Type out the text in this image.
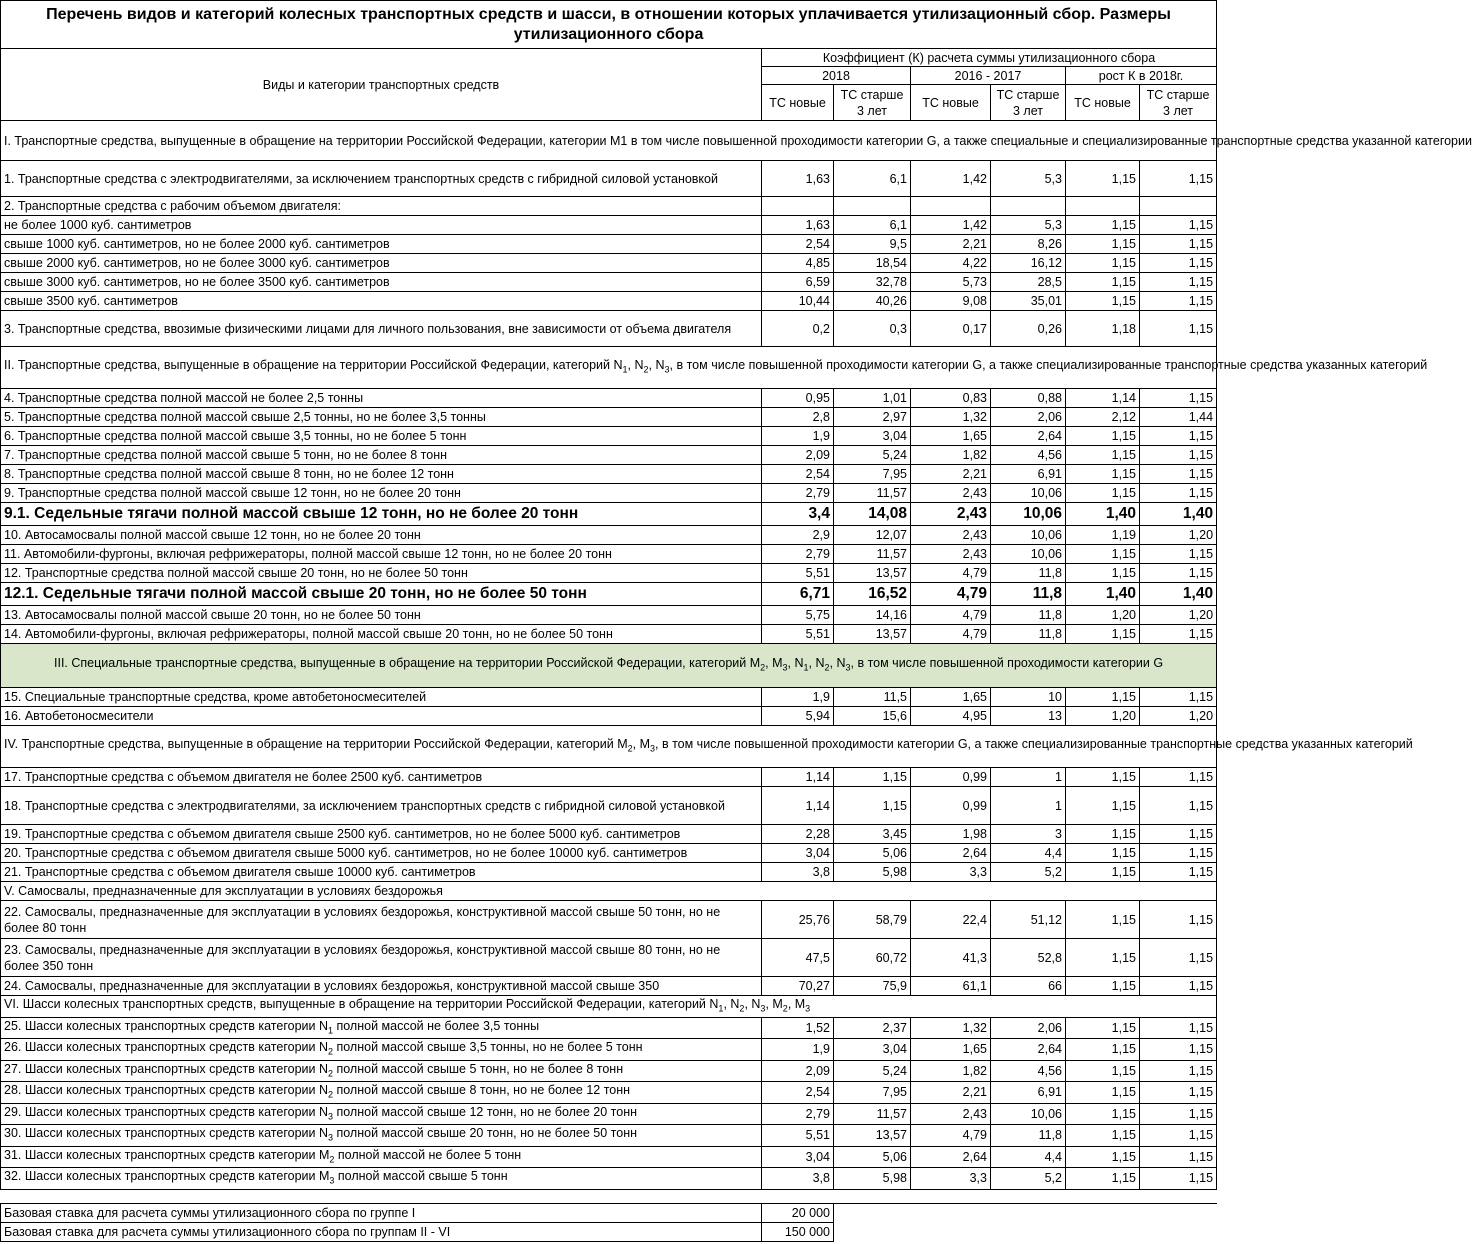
Перечень видов и категорий колесных транспортных средств и шасси, в отношении которых уплачивается утилизационный сбор. Размеры утилизационного сбора						
Виды и категории транспортных средств	Коэффициент (К) расчета суммы утилизационного сбора					
	2018		2016 - 2017		рост К в 2018г.	
	ТС новые	ТС старше 3 лет	ТС новые	ТС старше 3 лет	ТС новые	ТС старше 3 лет
I. Транспортные средства, выпущенные в обращение на территории Российской Федерации, категории М1 в том числе повышенной проходимости категории G, а также специальные и специализированные транспортные средства указанной категории						
1. Транспортные средства с электродвигателями, за исключением транспортных средств с гибридной силовой установкой	1,63	6,1	1,42	5,3	1,15	1,15
2. Транспортные средства с рабочим объемом двигателя:						
не более 1000 куб. сантиметров	1,63	6,1	1,42	5,3	1,15	1,15
свыше 1000 куб. сантиметров, но не более 2000 куб. сантиметров	2,54	9,5	2,21	8,26	1,15	1,15
свыше 2000 куб. сантиметров, но не более 3000 куб. сантиметров	4,85	18,54	4,22	16,12	1,15	1,15
свыше 3000 куб. сантиметров, но не более 3500 куб. сантиметров	6,59	32,78	5,73	28,5	1,15	1,15
свыше 3500 куб. сантиметров	10,44	40,26	9,08	35,01	1,15	1,15
3. Транспортные средства, ввозимые физическими лицами для личного пользования, вне зависимости от объема двигателя	0,2	0,3	0,17	0,26	1,18	1,15
II. Транспортные средства, выпущенные в обращение на территории Российской Федерации, категорий $N_1$, $N_2$, $N_3$, в том числе повышенной проходимости категории G, а также специализированные транспортные средства указанных категорий						
4. Транспортные средства полной массой не более 2,5 тонны	0,95	1,01	0,83	0,88	1,14	1,15
5. Транспортные средства полной массой свыше 2,5 тонны, но не более 3,5 тонны	2,8	2,97	1,32	2,06	2,12	1,44
6. Транспортные средства полной массой свыше 3,5 тонны, но не более 5 тонн	1,9	3,04	1,65	2,64	1,15	1,15
7. Транспортные средства полной массой свыше 5 тонн, но не более 8 тонн	2,09	5,24	1,82	4,56	1,15	1,15
8. Транспортные средства полной массой свыше 8 тонн, но не более 12 тонн	2,54	7,95	2,21	6,91	1,15	1,15
9. Транспортные средства полной массой свыше 12 тонн, но не более 20 тонн	2,79	11,57	2,43	10,06	1,15	1,15
9.1. Седельные тягачи полной массой свыше 12 тонн, но не более 20 тонн	3,4	14,08	2,43	10,06	1,40	1,40
10. Автосамосвалы полной массой свыше 12 тонн, но не более 20 тонн	2,9	12,07	2,43	10,06	1,19	1,20
11. Автомобили-фургоны, включая рефрижераторы, полной массой свыше 12 тонн, но не более 20 тонн	2,79	11,57	2,43	10,06	1,15	1,15
12. Транспортные средства полной массой свыше 20 тонн, но не более 50 тонн	5,51	13,57	4,79	11,8	1,15	1,15
12.1. Седельные тягачи полной массой свыше 20 тонн, но не более 50 тонн	6,71	16,52	4,79	11,8	1,40	1,40
13. Автосамосвалы полной массой свыше 20 тонн, но не более 50 тонн	5,75	14,16	4,79	11,8	1,20	1,20
14. Автомобили-фургоны, включая рефрижераторы, полной массой свыше 20 тонн, но не более 50 тонн	5,51	13,57	4,79	11,8	1,15	1,15
III. Специальные транспортные средства, выпущенные в обращение на территории Российской Федерации, категорий $M_2$, $M_3$, $N_1$, $N_2$, $N_3$, в том числе повышенной проходимости категории G						
15. Специальные транспортные средства, кроме автобетоносмесителей	1,9	11,5	1,65	10	1,15	1,15
16. Автобетоносмесители	5,94	15,6	4,95	13	1,20	1,20
IV. Транспортные средства, выпущенные в обращение на территории Российской Федерации, категорий $M_2$, $M_3$, в том числе повышенной проходимости категории G, а также специализированные транспортные средства указанных категорий						
17. Транспортные средства с объемом двигателя не более 2500 куб. сантиметров	1,14	1,15	0,99	1	1,15	1,15
18. Транспортные средства с электродвигателями, за исключением транспортных средств с гибридной силовой установкой	1,14	1,15	0,99	1	1,15	1,15
19. Транспортные средства с объемом двигателя свыше 2500 куб. сантиметров, но не более 5000 куб. сантиметров	2,28	3,45	1,98	3	1,15	1,15
20. Транспортные средства с объемом двигателя свыше 5000 куб. сантиметров, но не более 10000 куб. сантиметров	3,04	5,06	2,64	4,4	1,15	1,15
21. Транспортные средства с объемом двигателя свыше 10000 куб. сантиметров	3,8	5,98	3,3	5,2	1,15	1,15
V. Самосвалы, предназначенные для эксплуатации в условиях бездорожья						
22. Самосвалы, предназначенные для эксплуатации в условиях бездорожья, конструктивной массой свыше 50 тонн, но не более 80 тонн	25,76	58,79	22,4	51,12	1,15	1,15
23. Самосвалы, предназначенные для эксплуатации в условиях бездорожья, конструктивной массой свыше 80 тонн, но не более 350 тонн	47,5	60,72	41,3	52,8	1,15	1,15
24. Самосвалы, предназначенные для эксплуатации в условиях бездорожья, конструктивной массой свыше 350	70,27	75,9	61,1	66	1,15	1,15
VI. Шасси колесных транспортных средств, выпущенные в обращение на территории Российской Федерации, категорий $N_1$, $N_2$, $N_3$, $M_2$, $M_3$
25. Шасси колесных транспортных средств категории $N_1$ полной массой не более 3,5 тонны	1,52	2,37	1,32	2,06	1,15	1,15
26. Шасси колесных транспортных средств категории $N_2$ полной массой свыше 3,5 тонны, но не более 5 тонн	1,9	3,04	1,65	2,64	1,15	1,15
27. Шасси колесных транспортных средств категории $N_2$ полной массой свыше 5 тонн, но не более 8 тонн	2,09	5,24	1,82	4,56	1,15	1,15
28. Шасси колесных транспортных средств категории $N_2$ полной массой свыше 8 тонн, но не более 12 тонн	2,54	7,95	2,21	6,91	1,15	1,15
29. Шасси колесных транспортных средств категории $N_3$ полной массой свыше 12 тонн, но не более 20 тонн	2,79	11,57	2,43	10,06	1,15	1,15
30. Шасси колесных транспортных средств категории $N_3$ полной массой свыше 20 тонн, но не более 50 тонн	5,51	13,57	4,79	11,8	1,15	1,15
31. Шасси колесных транспортных средств категории $M_2$ полной массой не более 5 тонн	3,04	5,06	2,64	4,4	1,15	1,15
32. Шасси колесных транспортных средств категории $M_3$ полной массой свыше 5 тонн	3,8	5,98	3,3	5,2	1,15	1,15

Базовая ставка для расчета суммы утилизационного сбора по группе I	20 000					
Базовая ставка для расчета суммы утилизационного сбора по группам II - VI	150 000					
